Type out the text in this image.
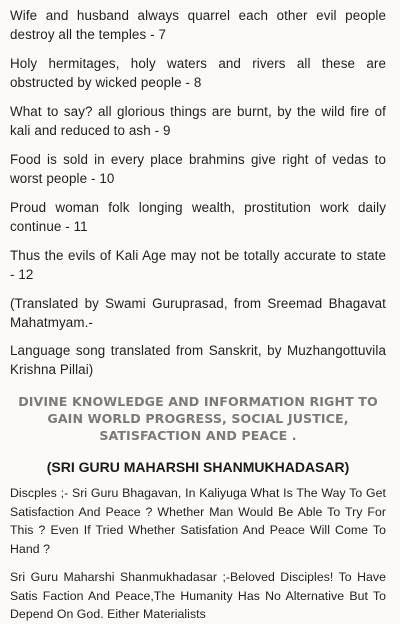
Wife and husband always quarrel each other evil people destroy all the temples - 7

Holy hermitages, holy waters and rivers all these are obstructed by wicked people - 8

What to say? all glorious things are burnt, by the wild fire of kali and reduced to ash - 9

Food is sold in every place brahmins give right of vedas to worst people - 10

Proud woman folk longing wealth, prostitution work daily continue - 11

Thus the evils of Kali Age may not be totally accurate to state - 12

(Translated by Swami Guruprasad, from Sreemad Bhagavat Mahatmyam.-

Language song translated from Sanskrit, by Muzhangottuvila Krishna Pillai)

DIVINE KNOWLEDGE AND INFORMATION RIGHT TO GAIN WORLD PROGRESS, SOCIAL JUSTICE, SATISFACTION AND PEACE .
(SRI GURU MAHARSHI SHANMUKHADASAR)

Discples ;- Sri Guru Bhagavan, In Kaliyuga What Is The Way To Get Satisfaction And Peace ? Whether Man Would Be Able To Try For This ? Even If Tried Whether Satisfation And Peace Will Come To Hand ?

Sri Guru Maharshi Shanmukhadasar ;-Beloved Disciples! To Have Satis Faction And Peace,The Humanity Has No Alternative But To Depend On God. Either Materialists
